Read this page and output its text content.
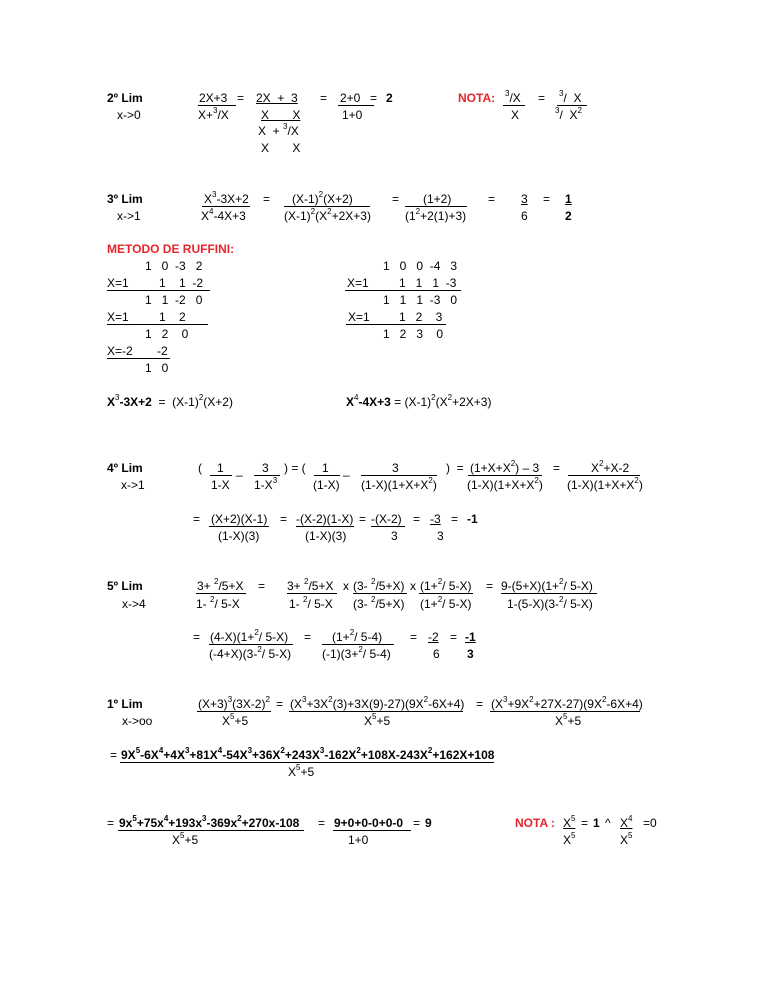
2º Lim
x->0
2X+3
X+$^3$/X
= 2X  +  3
X       X
X  + $^3$/X
X       X
= 2+0
1+0
= 2	NOTA: $^3$/X
X
= $^3$/  X
$^3$/  $X^2$
3º Lim
x->1
$X^3-3X+2$
$X^4-4X+3$
= $(X-1)^2(X+2)$
$(X-1)^2(X^2+2X+3)$
= (1+2)
$(1^2+2(1)+3)$
= 3
6
= 1
2
METODO DE RUFFINI:
1   0  -3   2
X=1	1    1  -2
1   1  -2   0
X=1	1    2
1   2    0
X=-2 -2
1   0
1   0   0  -4   3
X=1	1   1   1  -3
1   1   1  -3   0
X=1 1   2    3
1   2   3    0
$X^3-3X+2 = (X-1)^2(X+2)$	$X^4-4X+3 = (X-1)^2(X^2+2X+3)$
4º Lim
x->1
( 1
1-X
_ 3
$1-X^3$
) = ( 1
(1-X)
_	3
$(1-X)(1+X+X^2)$
)  = $(1+X+X^2) - 3$
$(1-X)(1+X+X^2)$
=	$X^2+X-2$
$(1-X)(1+X+X^2)$
= (X+2)(X-1)
(1-X)(3)
= -(X-2)(1-X)
(1-X)(3)
= -(X-2)
3
= -3
3
= -1
5º Lim
x->4
3+ $^2$/5+X
1- $^2$/ 5-X
= 3+ $^2$/5+X
1- $^2$/ 5-X
x (3- $^2$/5+X)
(3- $^2$/5+X)
x (1+$^2$/ 5-X)
(1+$^2$/ 5-X)
= 9-(5+X)(1+$^2$/ 5-X)
1-(5-X)(3-$^2$/ 5-X)
= (4-X)(1+$^2$/ 5-X)
(-4+X)(3-$^2$/ 5-X)
= (1+$^2$/ 5-4)
(-1)(3+$^2$/ 5-4)
= -2
6
= -1
3
1º Lim
x->oo
$(X+3)^3(3X-2)^2$
$X^5+5$
= $(X^3+3X^2(3)+3X(9)-27)(9X^2-6X+4)$
$X^5+5$
= $(X^3+9X^2+27X-27)(9X^2-6X+4)$
$X^5+5$
= $9X^5-6X^4+4X^3+81X^4-54X^3+36X^2+243X^3-162X^2+108X-243X^2+162X+108$
$X^5+5$
= $9x^5+75x^4+193x^3-369x^2+270x-108$
$X^5+5$
= 9+0+0-0+0-0
1+0
= 9	NOTA : $X^5$
$X^5$
= 1 ^ $X^4$
$X^5$
=0
